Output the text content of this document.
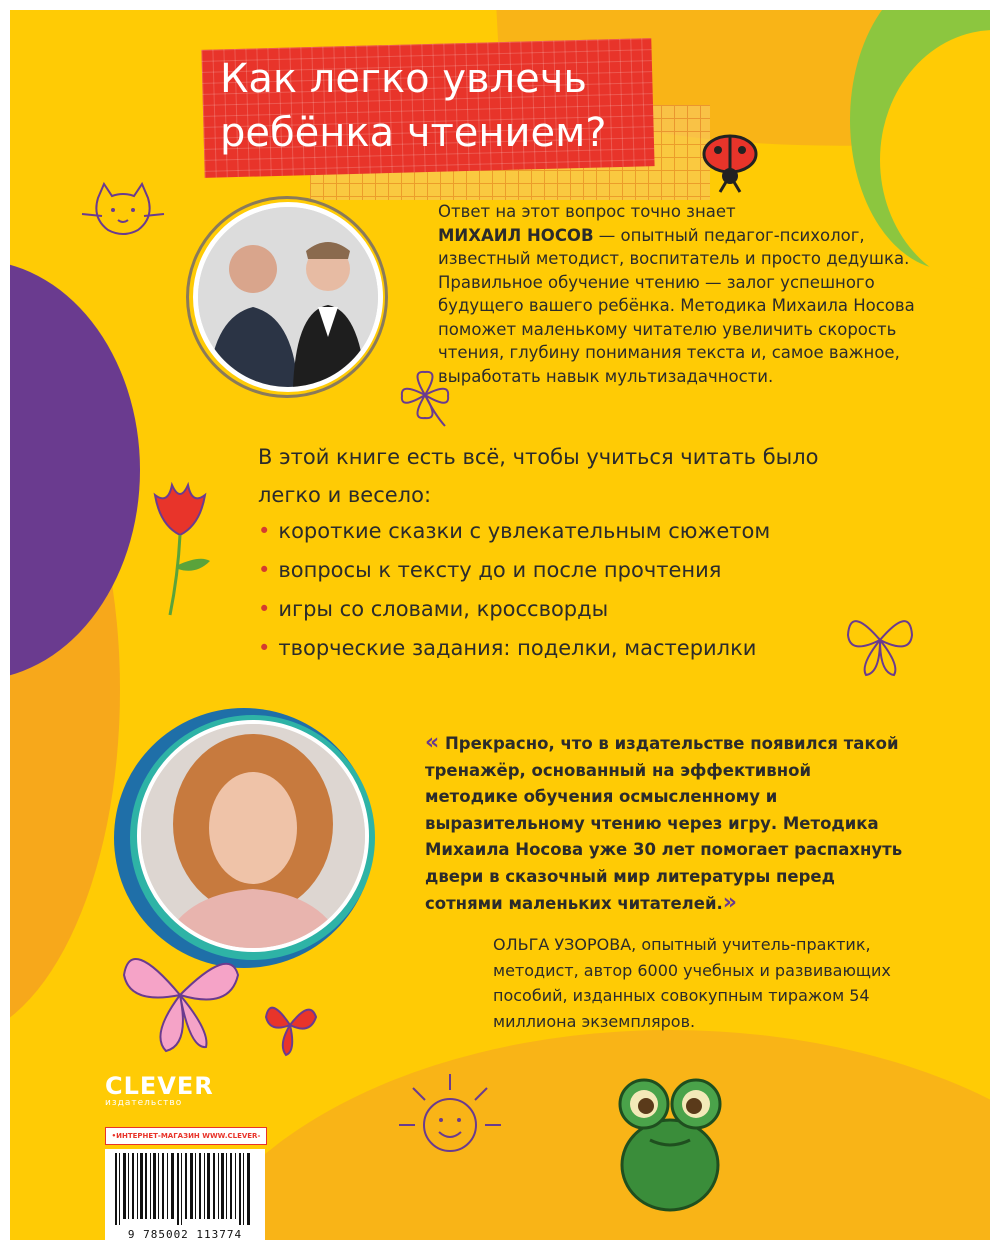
Как легко увлечь
ребёнка чтением?
Ответ на этот вопрос точно знает
МИХАИЛ НОСОВ — опытный педагог-психолог, известный методист, воспитатель и просто дедушка. Правильное обучение чтению — залог успешного будущего вашего ребёнка. Методика Михаила Носова поможет маленькому читателю увеличить скорость чтения, глубину понимания текста и, самое важное, выработать навык мультизадачности.
В этой книге есть всё, чтобы учиться читать было легко и весело:
• короткие сказки с увлекательным сюжетом
• вопросы к тексту до и после прочтения
• игры со словами, кроссворды
• творческие задания: поделки, мастерилки
« Прекрасно, что в издательстве появился такой тренажёр, основанный на эффективной методике обучения осмысленному и выразительному чтению через игру. Методика Михаила Носова уже 30 лет помогает распахнуть двери в сказочный мир литературы перед сотнями маленьких читателей.»
ОЛЬГА УЗОРОВА, опытный учитель-практик, методист, автор 6000 учебных и развивающих пособий, изданных совокупным тиражом 54 миллиона экземпляров.
CLEVER
издательство
•ИНТЕРНЕТ-МАГАЗИН WWW.CLEVER-
9 785002 113774
